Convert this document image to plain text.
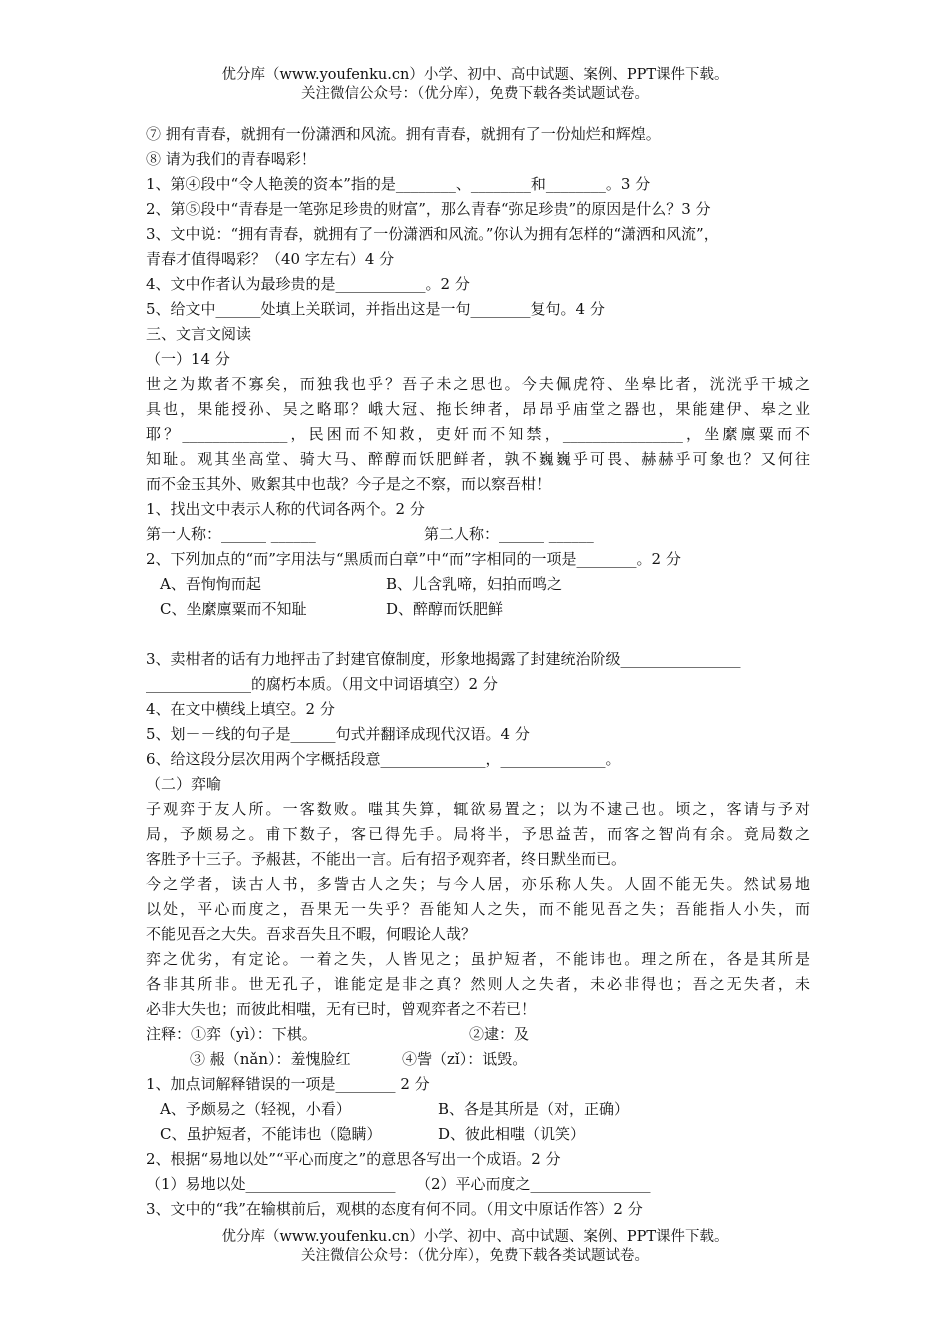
优分库（www.youfenku.cn）小学、初中、高中试题、案例、PPT课件下载。
关注微信公众号：（优分库），免费下载各类试题试卷。
⑦ 拥有青春，就拥有一份潇洒和风流。拥有青春，就拥有了一份灿烂和辉煌。
⑧ 请为我们的青春喝彩！
1、第④段中“令人艳羡的资本”指的是________、________和________。3 分
2、第⑤段中“青春是一笔弥足珍贵的财富”，那么青春“弥足珍贵”的原因是什么？3 分
3、文中说：“拥有青春，就拥有了一份潇洒和风流。”你认为拥有怎样的“潇洒和风流”，
青春才值得喝彩？（40 字左右）4 分
4、文中作者认为最珍贵的是____________。2 分
5、给文中______处填上关联词，并指出这是一句________复句。4 分
三、文言文阅读
（一）14 分
世之为欺者不寡矣，而独我也乎？吾子未之思也。今夫佩虎符、坐皋比者，洸洸乎干城之
具也，果能授孙、吴之略耶？峨大冠、拖长绅者，昂昂乎庙堂之器也，果能建伊、皋之业
耶？______________，民困而不知救，吏奸而不知禁，________________，坐縻廪粟而不
知耻。观其坐高堂、骑大马、醉醇而饫肥鲜者，孰不巍巍乎可畏、赫赫乎可象也？又何往
而不金玉其外、败絮其中也哉？今子是之不察，而以察吾柑！
1、找出文中表示人称的代词各两个。2 分
第一人称：______ ______	第二人称：______ ______
2、下列加点的“而”字用法与“黑质而白章”中“而”字相同的一项是________。2 分
A、吾恂恂而起	B、儿含乳啼，妇拍而鸣之
C、坐縻廪粟而不知耻	D、醉醇而饫肥鲜
3、卖柑者的话有力地抨击了封建官僚制度，形象地揭露了封建统治阶级________________
______________的腐朽本质。（用文中词语填空）2 分
4、在文中横线上填空。2 分
5、划－－线的句子是______句式并翻译成现代汉语。4 分
6、给这段分层次用两个字概括段意______________，______________。
（二）弈喻
子观弈于友人所。一客数败。嗤其失算，辄欲易置之；以为不逮己也。顷之，客请与予对
局，予颇易之。甫下数子，客已得先手。局将半，予思益苦，而客之智尚有余。竟局数之
客胜予十三子。予赧甚，不能出一言。后有招予观弈者，终日默坐而已。
今之学者，读古人书，多訾古人之失；与今人居，亦乐称人失。人固不能无失。然试易地
以处，平心而度之，吾果无一失乎？吾能知人之失，而不能见吾之失；吾能指人小失，而
不能见吾之大失。吾求吾失且不暇，何暇论人哉？
弈之优劣，有定论。一着之失，人皆见之；虽护短者，不能讳也。理之所在，各是其所是
各非其所非。世无孔子，谁能定是非之真？然则人之失者，未必非得也；吾之无失者，未
必非大失也；而彼此相嗤，无有已时，曾观弈者之不若已！
注释：①弈（yì）：下棋。	②逮：及
③ 赧（nǎn）：羞愧脸红	④訾（zǐ）：诋毁。
1、加点词解释错误的一项是________ 2 分
A、予颇易之（轻视，小看）	B、各是其所是（对，正确）
C、虽护短者，不能讳也（隐瞒）	D、彼此相嗤（讥笑）
2、根据“易地以处”“平心而度之”的意思各写出一个成语。2 分
（1）易地以处____________________ （2）平心而度之________________
3、文中的“我”在输棋前后，观棋的态度有何不同。（用文中原话作答）2 分
优分库（www.youfenku.cn）小学、初中、高中试题、案例、PPT课件下载。
关注微信公众号：（优分库），免费下载各类试题试卷。
